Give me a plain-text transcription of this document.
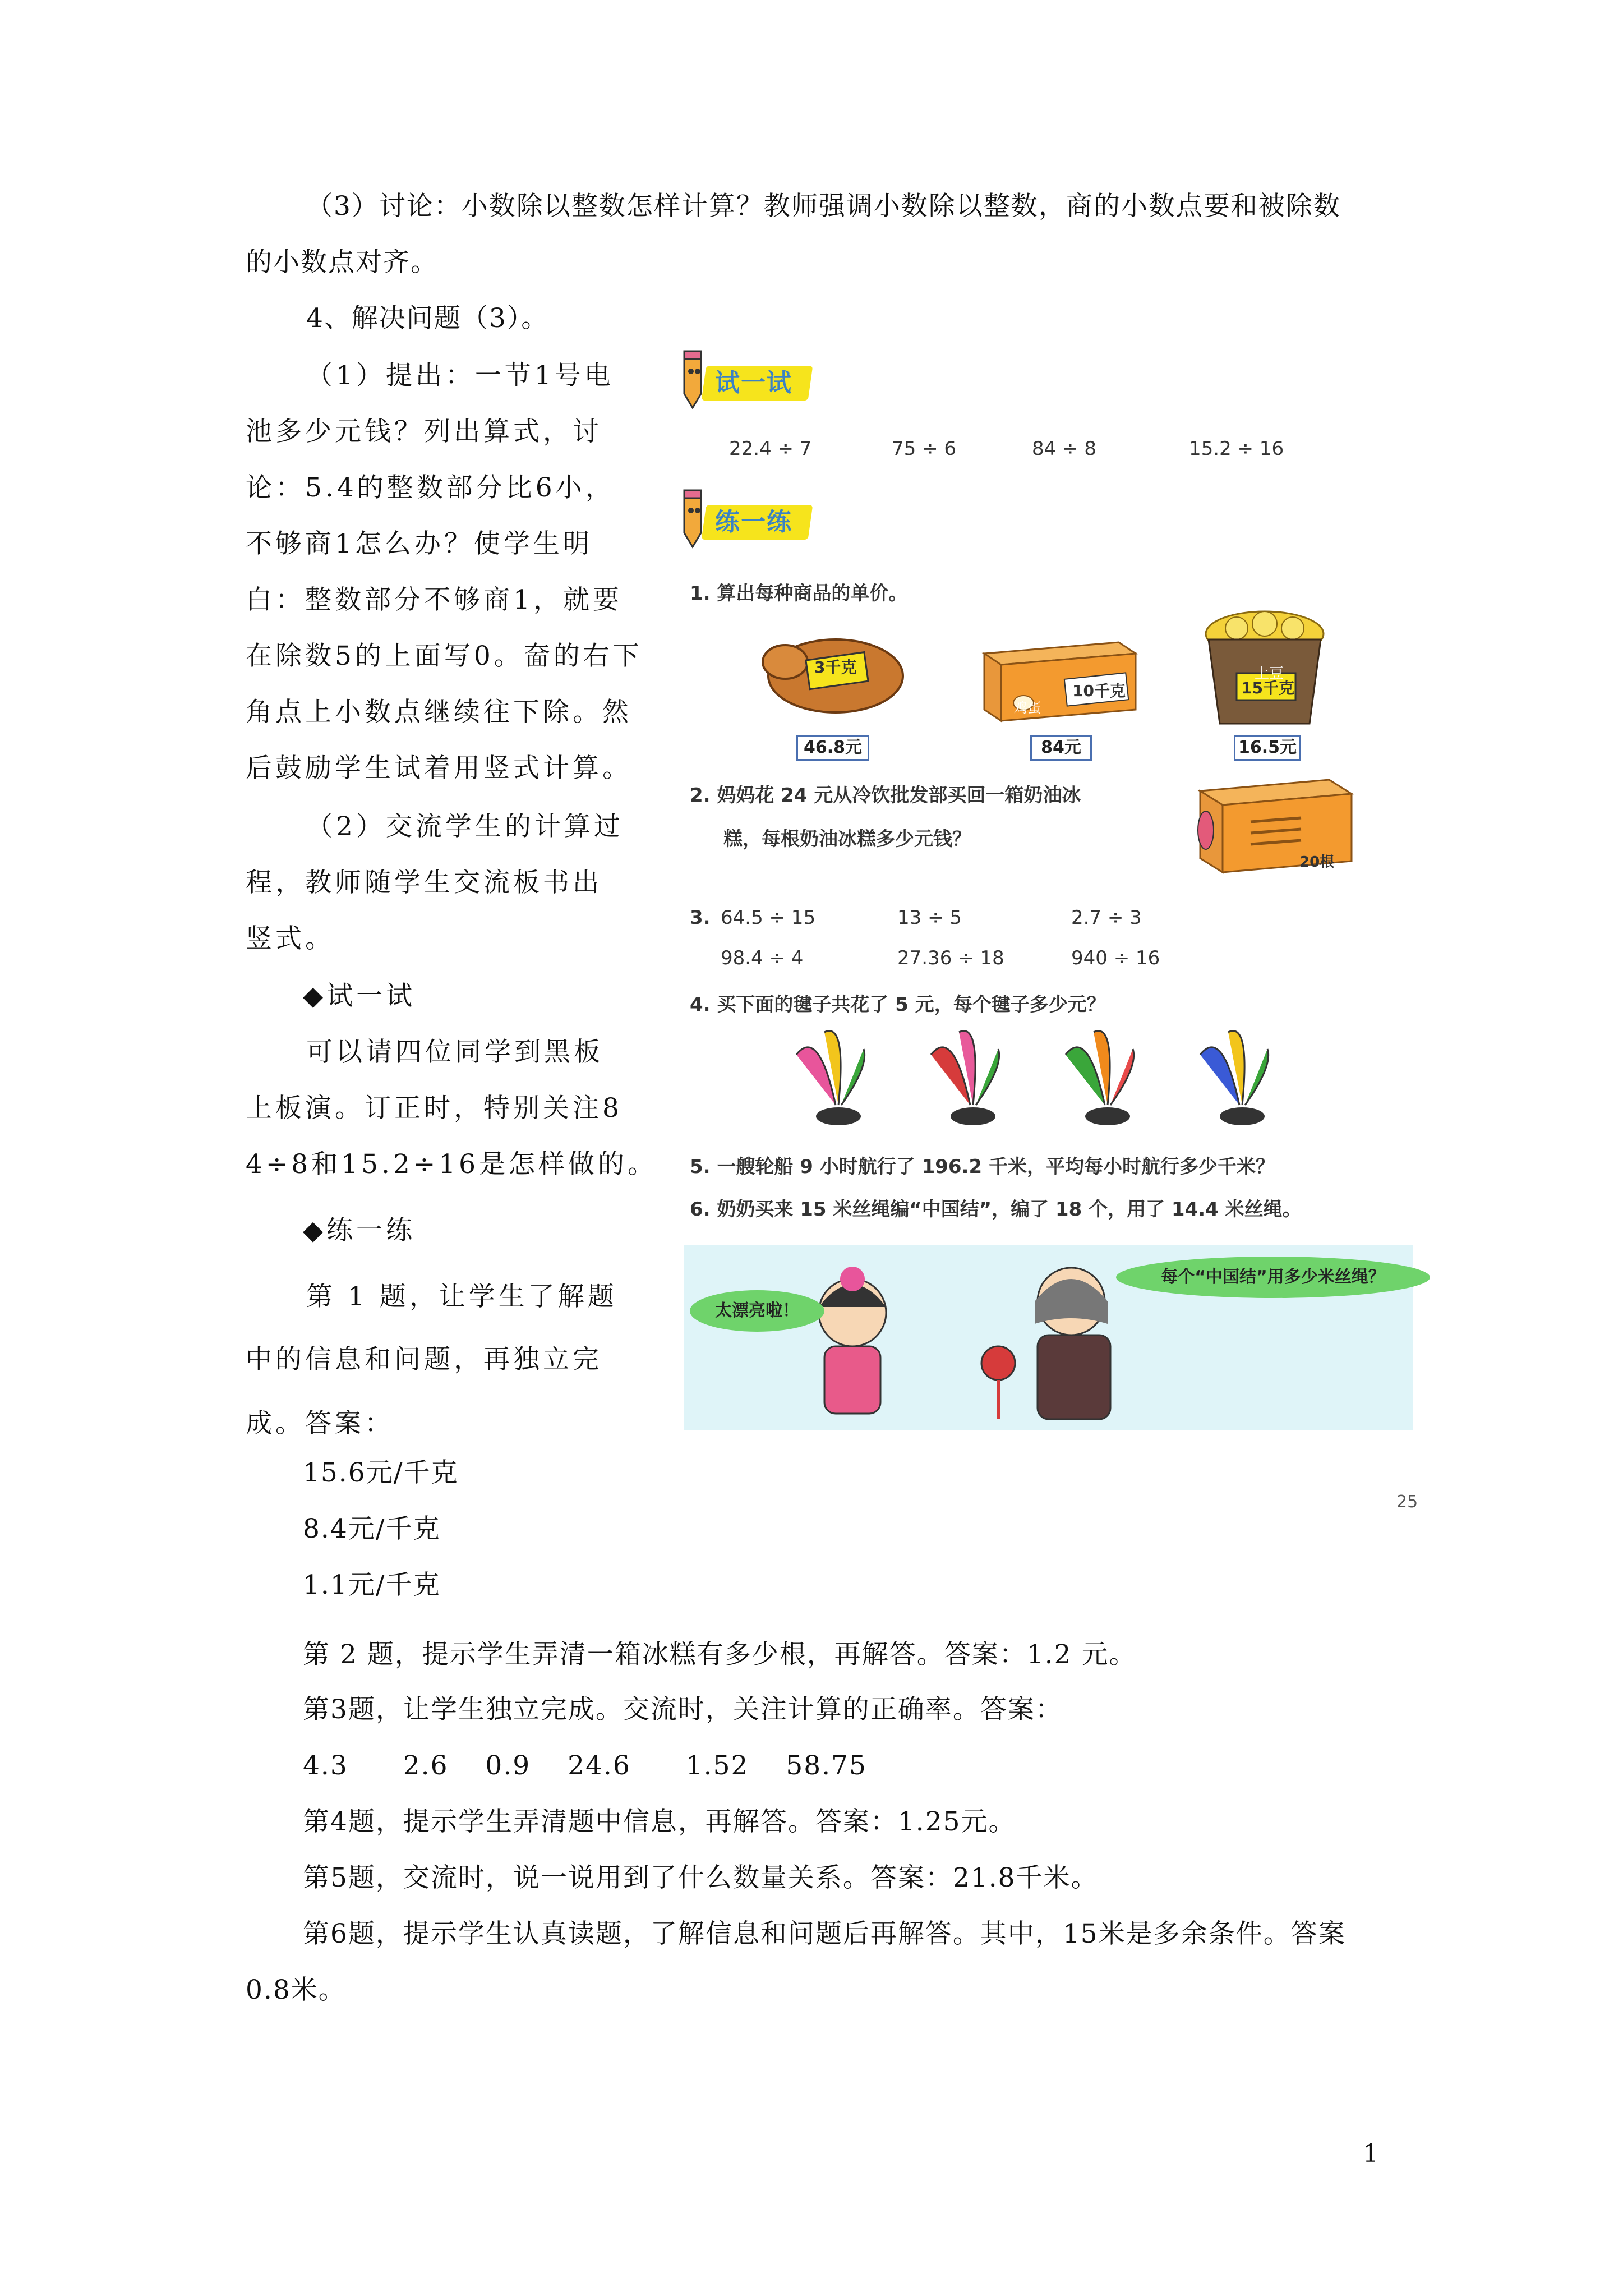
（3）讨论：小数除以整数怎样计算？教师强调小数除以整数，商的小数点要和被除数
的小数点对齐。
4、解决问题（3）。
（1）提出：一节1号电
池多少元钱？列出算式，讨
论：5.4的整数部分比6小，
不够商1怎么办？使学生明
白：整数部分不够商1，就要
在除数5的上面写0。奤的右下
角点上小数点继续往下除。然
后鼓励学生试着用竖式计算。
（2）交流学生的计算过
程，教师随学生交流板书出
竖式。
◆试一试
可以请四位同学到黑板
上板演。订正时，特别关注8
4÷8和15.2÷16是怎样做的。
◆练一练
第 1 题，让学生了解题
中的信息和问题，再独立完
成。答案：
15.6元/千克
8.4元/千克
1.1元/千克
第 2 题，提示学生弄清一箱冰糕有多少根，再解答。答案：1.2 元。
第3题，让学生独立完成。交流时，关注计算的正确率。答案：
4.3　　2.6　 0.9　 24.6　　1.52　 58.75
第4题，提示学生弄清题中信息，再解答。答案：1.25元。
第5题，交流时，说一说用到了什么数量关系。答案：21.8千米。
第6题，提示学生认真读题，了解信息和问题后再解答。其中，15米是多余条件。答案
0.8米。
1
试一试
22.4 ÷ 7	75 ÷ 6	84 ÷ 8	15.2 ÷ 16
练一练
1. 算出每种商品的单价。
3千克
鸡蛋
10千克
土豆
15千克
46.8元	84元	16.5元
2. 妈妈花 24 元从冷饮批发部买回一箱奶油冰
糕，每根奶油冰糕多少元钱？
20根
3. 64.5 ÷ 15	13 ÷ 5	2.7 ÷ 3
98.4 ÷ 4	27.36 ÷ 18	940 ÷ 16
4. 买下面的毽子共花了 5 元，每个毽子多少元？
5. 一艘轮船 9 小时航行了 196.2 千米，平均每小时航行多少千米？
6. 奶奶买来 15 米丝绳编“中国结”，编了 18 个，用了 14.4 米丝绳。
太漂亮啦！
每个“中国结”用多少米丝绳？
25
